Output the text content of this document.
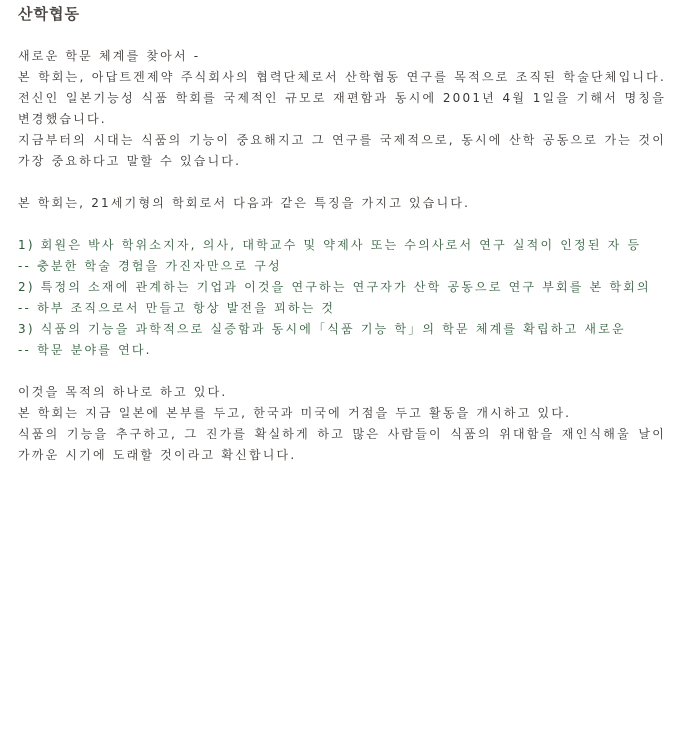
산학협동
새로운 학문 체계를 찾아서 -
본 학회는, 아답트겐제약 주식회사의 협력단체로서 산학협동 연구를 목적으로 조직된 학술단체입니다. 전신인 일본기능성 식품 학회를 국제적인 규모로 재편함과 동시에 2001년 4월 1일을 기해서 명칭을 변경했습니다.
지금부터의 시대는 식품의 기능이 중요해지고 그 연구를 국제적으로, 동시에 산학 공동으로 가는 것이 가장 중요하다고 말할 수 있습니다.
본 학회는, 21세기형의 학회로서 다음과 같은 특징을 가지고 있습니다.
1) 회원은 박사 학위소지자, 의사, 대학교수 및 약제사 또는 수의사로서 연구 실적이 인정된 자 등
-- 충분한 학술 경험을 가진자만으로 구성
2) 특정의 소재에 관계하는 기업과 이것을 연구하는 연구자가 산학 공동으로 연구 부회를 본 학회의
-- 하부 조직으로서 만들고 항상 발전을 꾀하는 것
3) 식품의 기능을 과학적으로 실증함과 동시에「식품 기능 학」의 학문 체계를 확립하고 새로운
-- 학문 분야를 연다.
이것을 목적의 하나로 하고 있다.
본 학회는 지금 일본에 본부를 두고, 한국과 미국에 거점을 두고 활동을 개시하고 있다.
식품의 기능을 추구하고, 그 진가를 확실하게 하고 많은 사람들이 식품의 위대함을 재인식해울 날이 가까운 시기에 도래할 것이라고 확신합니다.
